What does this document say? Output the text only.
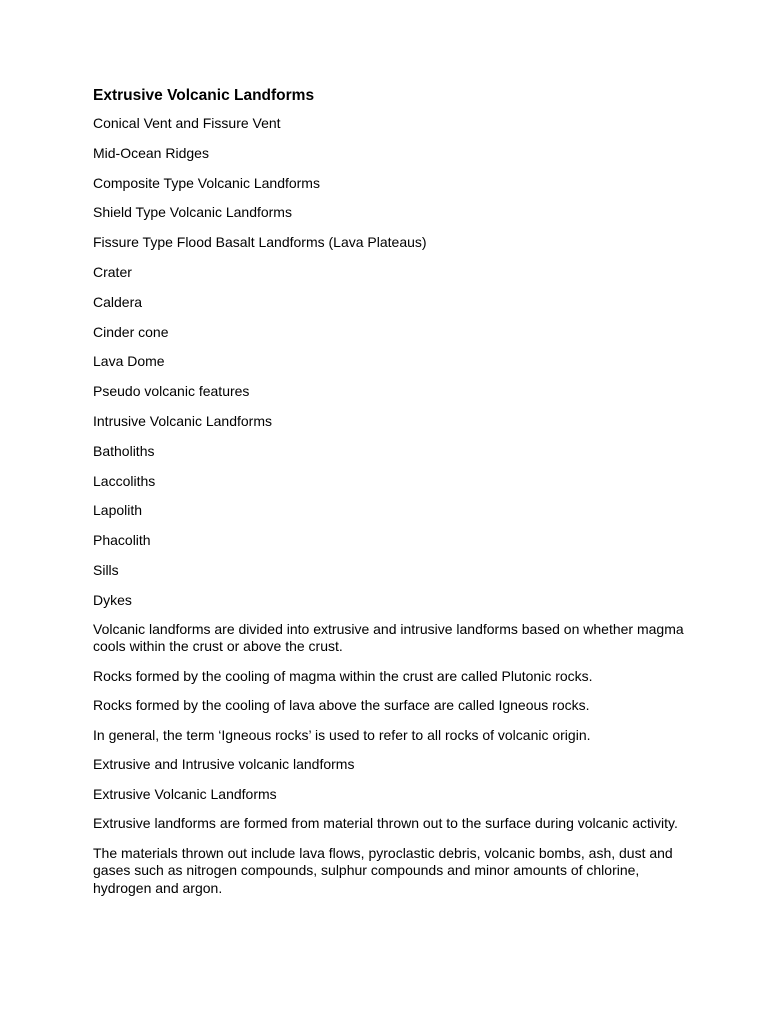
Extrusive Volcanic Landforms
Conical Vent and Fissure Vent
Mid-Ocean Ridges
Composite Type Volcanic Landforms
Shield Type Volcanic Landforms
Fissure Type Flood Basalt Landforms (Lava Plateaus)
Crater
Caldera
Cinder cone
Lava Dome
Pseudo volcanic features
Intrusive Volcanic Landforms
Batholiths
Laccoliths
Lapolith
Phacolith
Sills
Dykes

Volcanic landforms are divided into extrusive and intrusive landforms based on whether magma cools within the crust or above the crust.

Rocks formed by the cooling of magma within the crust are called Plutonic rocks.

Rocks formed by the cooling of lava above the surface are called Igneous rocks.

In general, the term ‘Igneous rocks’ is used to refer to all rocks of volcanic origin.

Extrusive and Intrusive volcanic landforms

Extrusive Volcanic Landforms

Extrusive landforms are formed from material thrown out to the surface during volcanic activity.

The materials thrown out include lava flows, pyroclastic debris, volcanic bombs, ash, dust and gases such as nitrogen compounds, sulphur compounds and minor amounts of chlorine, hydrogen and argon.
